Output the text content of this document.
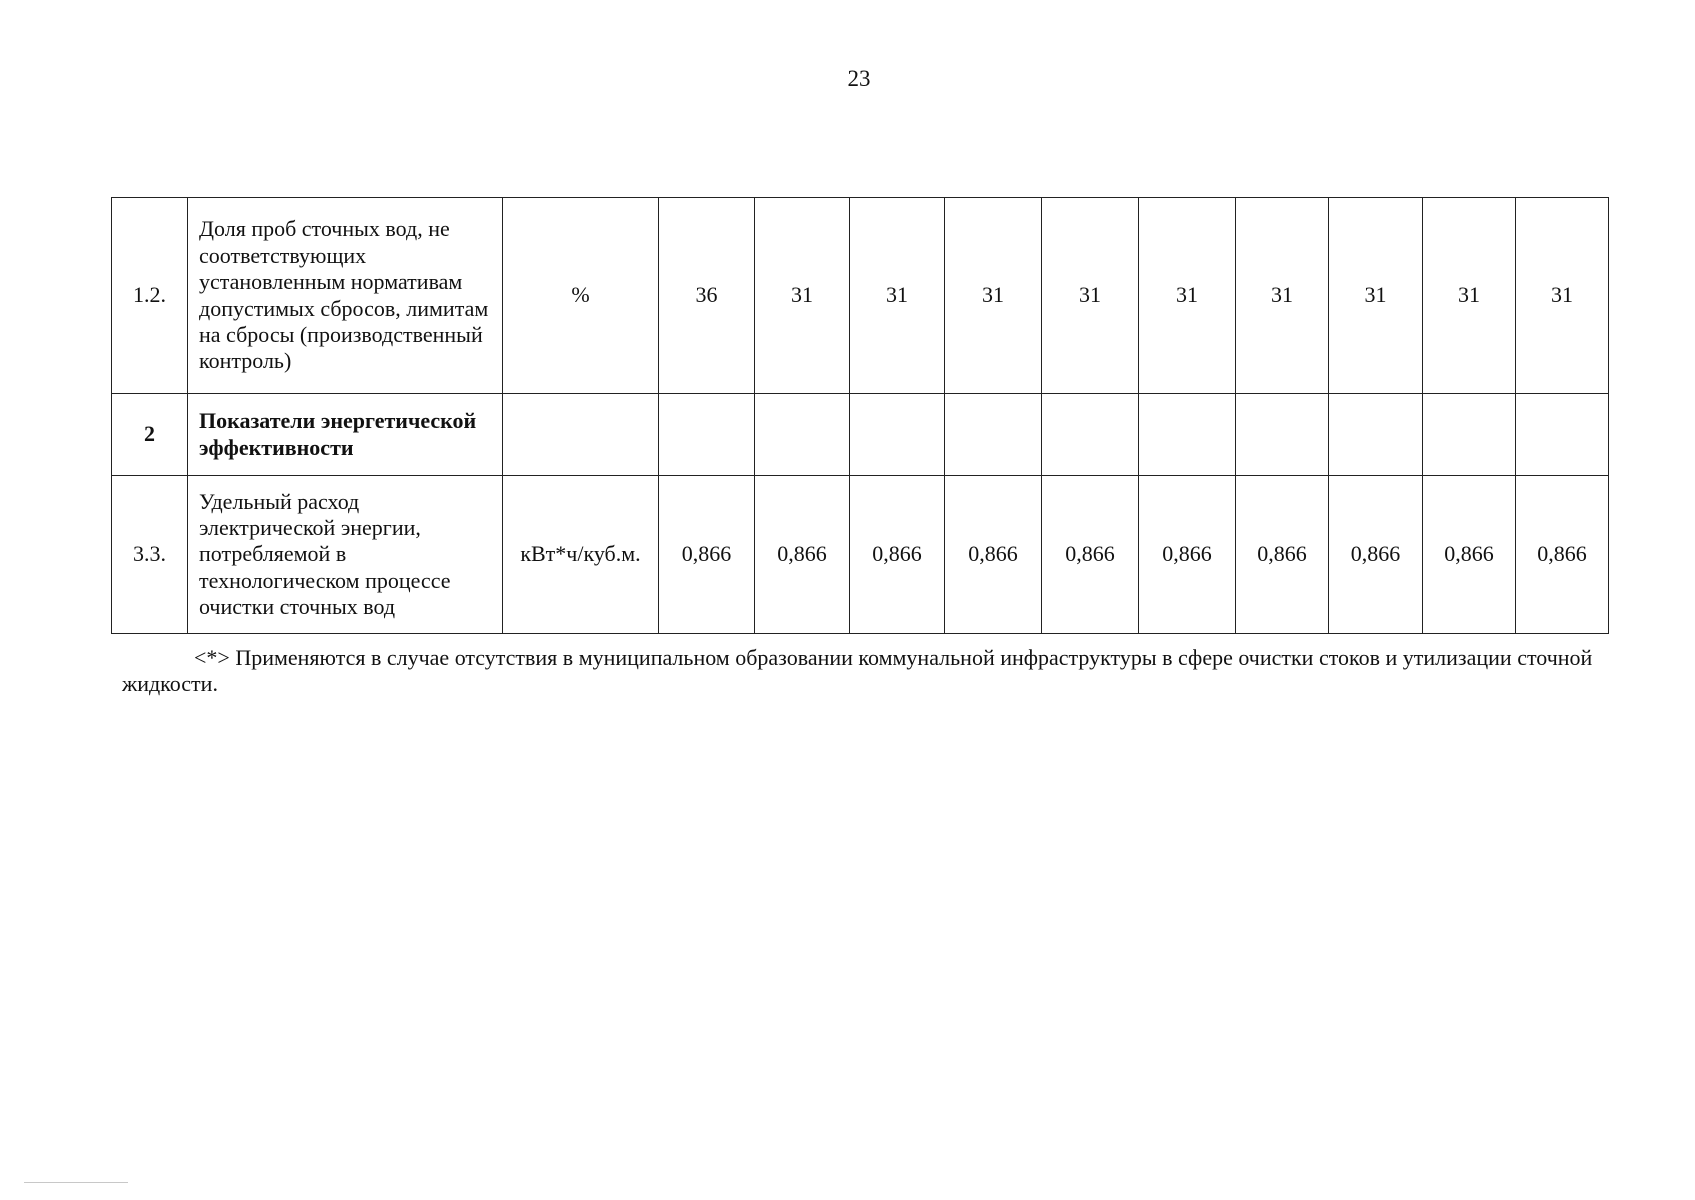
23
1.2.	Доля проб сточных вод, не соответствующих установленным нормативам допустимых сбросов, лимитам на сбросы (производственный контроль)	%	36	31	31	31	31	31	31	31	31	31
2	Показатели энергетической эффективности											
3.3.	Удельный расход электрической энергии, потребляемой в технологическом процессе очистки сточных вод	кВт*ч/куб.м.	0,866	0,866	0,866	0,866	0,866	0,866	0,866	0,866	0,866	0,866
<*> Применяются в случае отсутствия в муниципальном образовании коммунальной инфраструктуры в сфере очистки стоков и утилизации сточной жидкости.
